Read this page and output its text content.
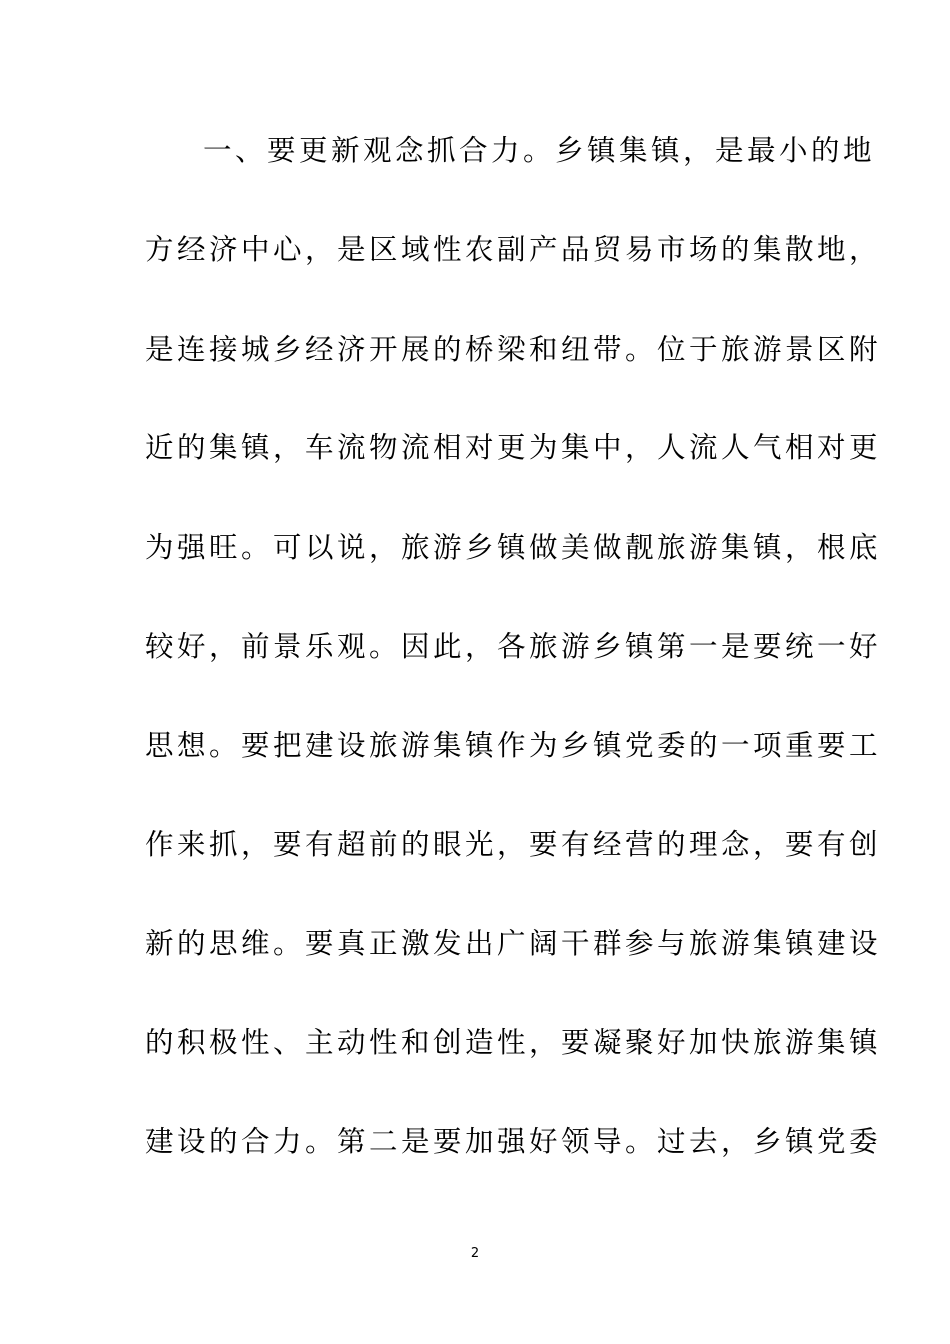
一、要更新观念抓合力。乡镇集镇，是最小的地
方经济中心，是区域性农副产品贸易市场的集散地，
是连接城乡经济开展的桥梁和纽带。位于旅游景区附
近的集镇，车流物流相对更为集中，人流人气相对更
为强旺。可以说，旅游乡镇做美做靓旅游集镇，根底
较好，前景乐观。因此，各旅游乡镇第一是要统一好
思想。要把建设旅游集镇作为乡镇党委的一项重要工
作来抓，要有超前的眼光，要有经营的理念，要有创
新的思维。要真正激发出广阔干群参与旅游集镇建设
的积极性、主动性和创造性，要凝聚好加快旅游集镇
建设的合力。第二是要加强好领导。过去，乡镇党委
2
